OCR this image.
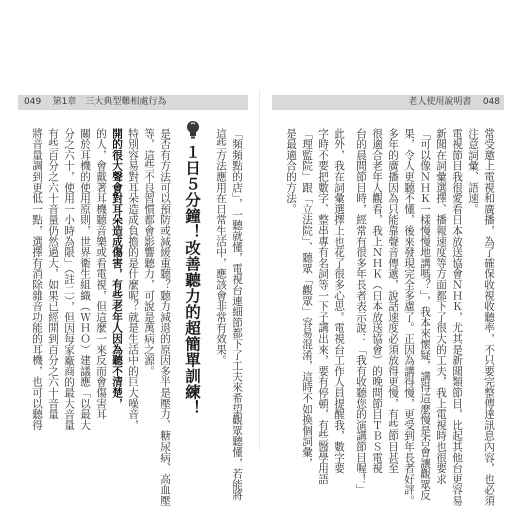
049 第1章　三大典型難相處行為	老人使用說明書 048
常受邀上電視和廣播，為了確保收視收聽率，不只要完整傳達訊息內容，也必須
注意詞彙、語速。
電視節目我很愛看日本放送協會ＮＨＫ，尤其是新聞類節目，比起其他台更容易
新聞在詞彙選擇、播報速度等方面都下了很大的工夫，我上電視時也很要求
「可以像ＮＨＫ一樣慢慢地講嗎？」，我本來懷疑，講得這麼慢是否會讓觀眾反
果，令人更聽不懂，後來發現完全多慮了。正因為講得慢，更受到年長者好評。
多年的廣播因為只能靠聲音傳遞，說話速度必須放得更慢，有些節目甚至
很適合老年人觀看，我上ＮＨＫ（日本放送協會）的晚間節目ＴＢＳ電視
台的晨間節目時，經常有很多年長者表示說：「我有收聽您的演講節目喔！」
此外，我在詞彙選擇上也花了很多心思。電視台工作人員提醒我，數字要
字時不要把數字、整串專有名詞等一下子講出來，要有停頓，有些醫學用語
「理監院」跟「立法院」、聽眾「觀眾」容易混淆，這時不如換個詞彙，
是最適合的方法。
「頻頻點的店」，一聽就懂，電視台連細節都下了工夫來希望觀眾聽懂，若能將
這些方法應用在日常生活中，應該會非常有效果。
１日５分鐘！改善聽力的超簡單訓練！
是否有方法可以預防或減緩重聽？聽力減退的原因多半是壓力、糖尿病、高血壓
等，這些不良習慣都會影響聽力，可說是萬病之源。
特別容易對耳朵造成負擔的是什麼呢？就是生活中的巨大噪音，
開的很大聲會對耳朵造成傷害，有些老年人因為聽不清楚，
的人，會戴著耳機聽音樂或看電視，但這麼一來反而會傷害耳
關於耳機的使用原則，世界衛生組織（ＷＨＯ）建議應「以最大
分之六十，使用一小時為限」（註二），但因每家廠商的最大音量
有些百分之六十音量仍然過大，如果已經開到百分之六十音量
將音量調到更低一點，選擇有消除雜音功能的耳機，也可以聽得
